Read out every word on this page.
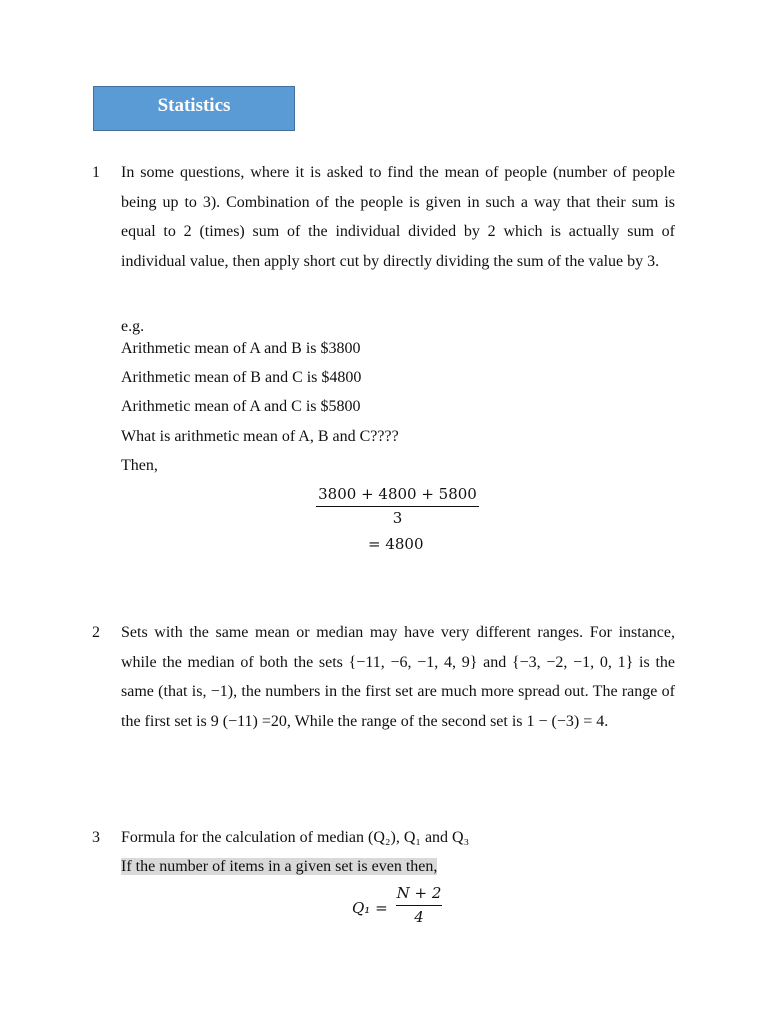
Statistics
1 In some questions, where it is asked to find the mean of people (number of people being up to 3). Combination of the people is given in such a way that their sum is equal to 2 (times) sum of the individual divided by 2 which is actually sum of individual value, then apply short cut by directly dividing the sum of the value by 3.

e.g.
Arithmetic mean of A and B is $3800
Arithmetic mean of B and C is $4800
Arithmetic mean of A and C is $5800
What is arithmetic mean of A, B and C????
Then,
3800 + 4800 + 5800
3
= 4800
2 Sets with the same mean or median may have very different ranges. For instance, while the median of both the sets {−11, −6, −1, 4, 9} and {−3, −2, −1, 0, 1} is the same (that is, −1), the numbers in the first set are much more spread out. The range of the first set is 9 (−11) =20, While the range of the second set is 1 − (−3) = 4.

3 Formula for the calculation of median (Q₂), Q₁ and Q₃
If the number of items in a given set is even then,
Q₁ =
N + 2
4
